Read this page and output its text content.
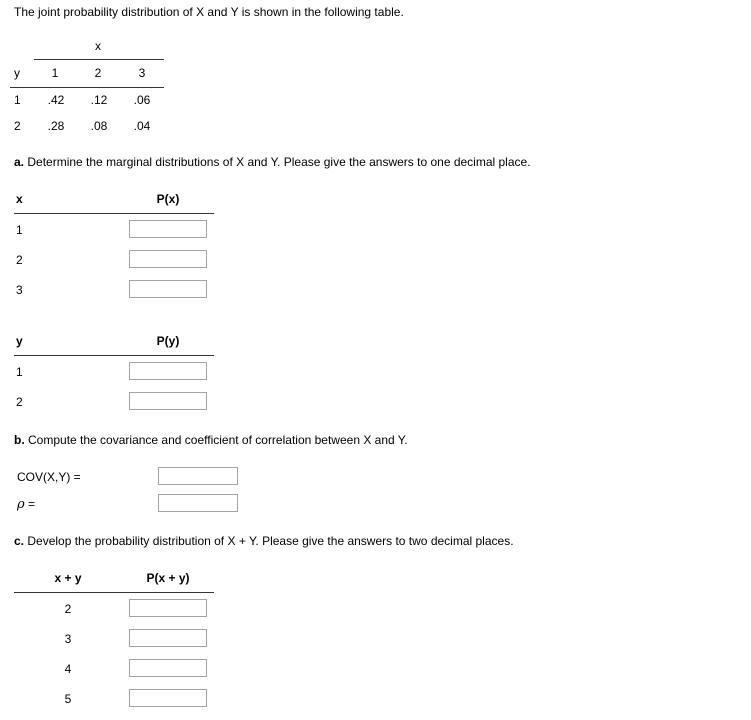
The joint probability distribution of X and Y is shown in the following table.
x
y	1	2	3
1 .42 .12 .06
2 .28 .08 .04
a. Determine the marginal distributions of X and Y. Please give the answers to one decimal place.
x	P(x)
1
2
3
y	P(y)
1
2
b. Compute the covariance and coefficient of correlation between X and Y.
COV(X,Y) =
ρ =
c. Develop the probability distribution of X + Y. Please give the answers to two decimal places.
x + y	P(x + y)
2
3
4
5
